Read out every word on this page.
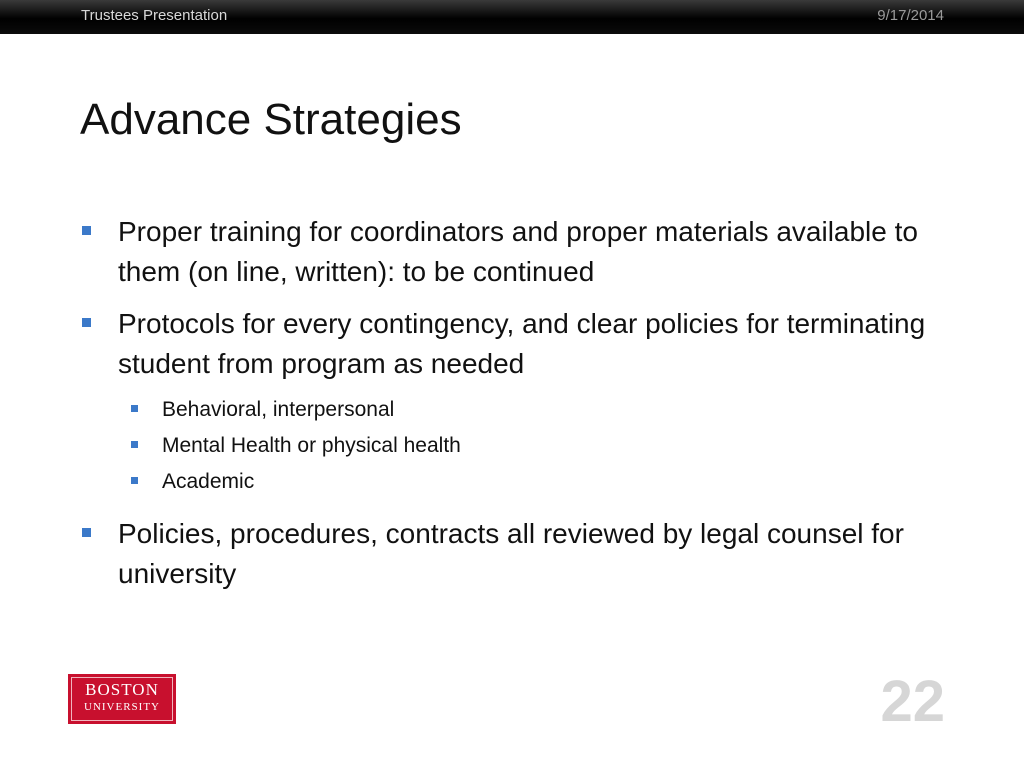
Trustees Presentation	9/17/2014
Advance Strategies
Proper training for coordinators and proper materials available to them (on line, written): to be continued
Protocols for every contingency, and clear policies for terminating student from program as needed
Behavioral, interpersonal
Mental Health or physical health
Academic
Policies, procedures, contracts all reviewed by legal counsel for university
BOSTON
UNIVERSITY	22
